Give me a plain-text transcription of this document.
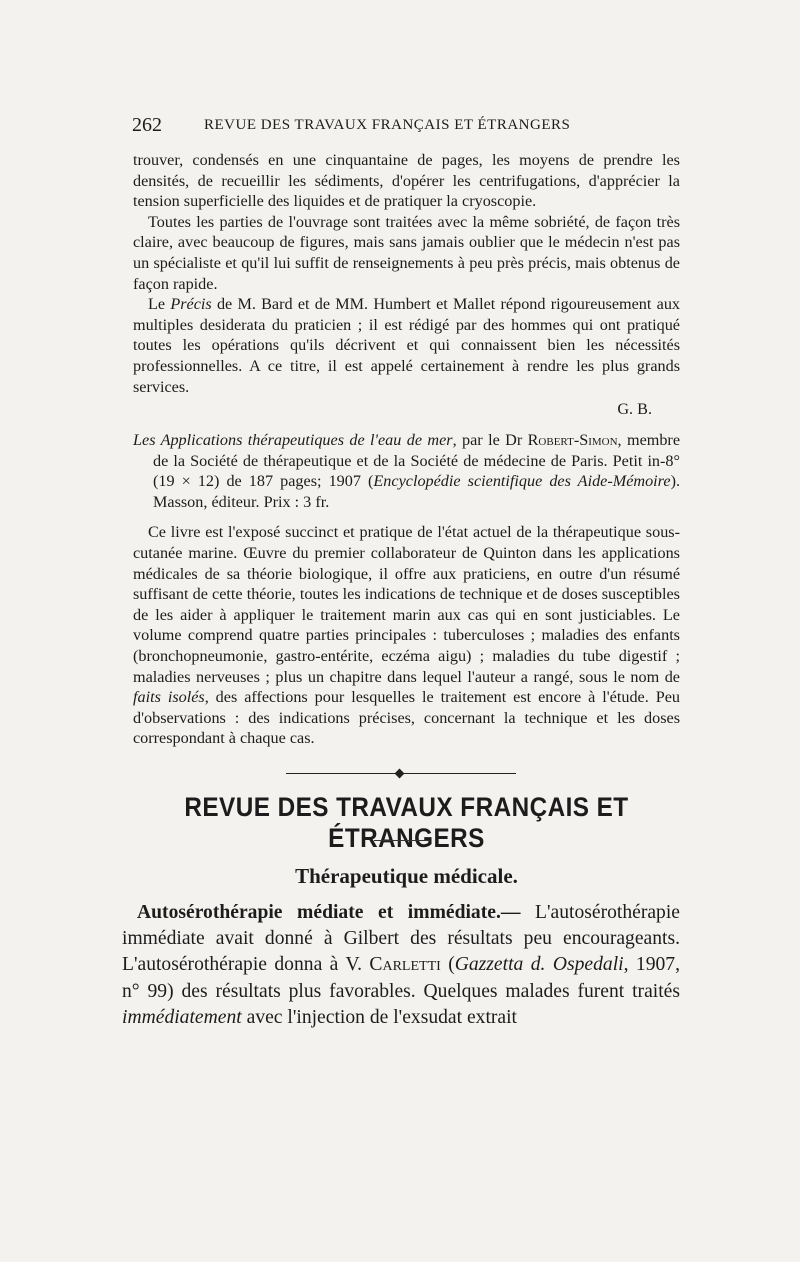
262	REVUE DES TRAVAUX FRANÇAIS ET ÉTRANGERS

trouver, condensés en une cinquantaine de pages, les moyens de prendre les densités, de recueillir les sédiments, d'opérer les centrifugations, d'apprécier la tension superficielle des liquides et de pratiquer la cryoscopie.

Toutes les parties de l'ouvrage sont traitées avec la même sobriété, de façon très claire, avec beaucoup de figures, mais sans jamais oublier que le médecin n'est pas un spécialiste et qu'il lui suffit de renseignements à peu près précis, mais obtenus de façon rapide.

Le Précis de M. Bard et de MM. Humbert et Mallet répond rigoureusement aux multiples desiderata du praticien ; il est rédigé par des hommes qui ont pratiqué toutes les opérations qu'ils décrivent et qui connaissent bien les nécessités professionnelles. A ce titre, il est appelé certainement à rendre les plus grands services.

G. B.

Les Applications thérapeutiques de l'eau de mer, par le Dr Robert-Simon, membre de la Société de thérapeutique et de la Société de médecine de Paris. Petit in-8° (19 × 12) de 187 pages; 1907 (Encyclopédie scientifique des Aide-Mémoire). Masson, éditeur. Prix : 3 fr.

Ce livre est l'exposé succinct et pratique de l'état actuel de la thérapeutique sous-cutanée marine. Œuvre du premier collaborateur de Quinton dans les applications médicales de sa théorie biologique, il offre aux praticiens, en outre d'un résumé suffisant de cette théorie, toutes les indications de technique et de doses susceptibles de les aider à appliquer le traitement marin aux cas qui en sont justiciables. Le volume comprend quatre parties principales : tuberculoses ; maladies des enfants (bronchopneumonie, gastro-entérite, eczéma aigu) ; maladies du tube digestif ; maladies nerveuses ; plus un chapitre dans lequel l'auteur a rangé, sous le nom de faits isolés, des affections pour lesquelles le traitement est encore à l'étude. Peu d'observations : des indications précises, concernant la technique et les doses correspondant à chaque cas.

REVUE DES TRAVAUX FRANÇAIS ET ÉTRANGERS
Thérapeutique médicale.

Autosérothérapie médiate et immédiate.— L'autosérothérapie immédiate avait donné à Gilbert des résultats peu encourageants. L'autosérothérapie donna à V. Carletti (Gazzetta d. Ospedali, 1907, n° 99) des résultats plus favorables. Quelques malades furent traités immédiatement avec l'injection de l'exsudat extrait
